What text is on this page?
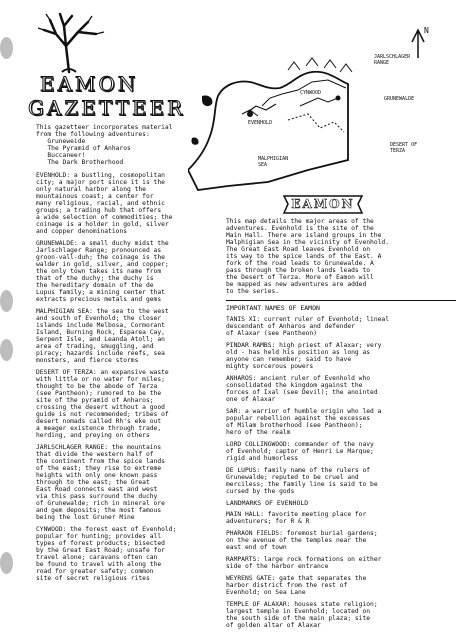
EAMON
GAZETTEER
N
JARLSCHLAGER
RANGE
CYNWOOD
GRUNEWALDE
EVENHOLD
DESERT OF
TERZA
MALPHIGIAN
SEA
EAMON
This gazetteer incorporates material
from the following adventures:
Gruneweide
The Pyramid of Anharos
Buccaneer!
The Dark Brotherhood

EVENHOLD: a bustling, cosmopolitan
city; a major port since it is the
only natural harbor along the
mountainous coast; a center for
many religious, racial, and ethnic
groups; a trading hub that offers
a wide selection of commodities; the
coinage is a holder in gold, silver
and copper denominations

GRUNEWALDE: a small duchy midst the
Jarlschlager Range; pronounced as
groon-vall-duh; the coinage is the
walder in gold, silver, and copper;
the only town takes its name from
that of the duchy; the duchy is
the hereditary domain of the de
Lupus family; a mining center that
extracts precious metals and gems

MALPHIGIAN SEA: the sea to the west
and south of Evenhold; the closer
islands include Melbosa, Cormorant
Island, Burning Rock, Esparea Cay,
Serpent Isle, and Leanda Atoll; an
area of trading, smuggling, and
piracy; hazards include reefs, sea
monsters, and fierce storms

DESERT OF TERZA: an expansive waste
with little or no water for miles;
thought to be the abode of Terza
(see Pantheon); rumored to be the
site of the pyramid of Anharos;
crossing the desert without a good
guide is not recommended; tribes of
desert nomads called Rh's eke out
a meager existence through trade,
herding, and preying on others

JARLSCHLAGER RANGE: the mountains
that divide the western half of
the continent from the spice lands
of the east; they rise to extreme
heights with only one known pass
through to the east; the Great
East Road connects east and west
via this pass surround the duchy
of Grunewalde; rich in mineral ore
and gem deposits; the most famous
being the lost Gruner Mine

CYNWOOD: the forest east of Evenhold;
popular for hunting; provides all
types of forest products; bisected
by the Great East Road; unsafe for
travel alone; caravans often can
be found to travel with along the
road for greater safety; common
site of secret religious rites

This map details the major areas of the
adventures. Evenhold is the site of the
Main Hall. There are island groups in the
Malphigian Sea in the vicinity of Evenhold.
The Great East Road leaves Evenhold on
its way to the spice lands of the East. A
fork of the road leads to Grunewalde. A
pass through the broken lands leads to
the Desert of Terza. More of Eamon will
be mapped as new adventures are added
to the series.

IMPORTANT NAMES OF EAMON

TANIS XI: current ruler of Evenhold; lineal
descendant of Anharos and defender
of Alaxar (see Pantheon)

PINDAR RAMBS: high priest of Alaxar; very
old - has held his position as long as
anyone can remember; said to have
mighty sorcerous powers

ANHAROS: ancient ruler of Evenhold who
consolidated the kingdom against the
forces of Ixal (see Devil); the anointed
one of Alaxar

SAR: a warrior of humble origin who led a
popular rebellion against the excesses
of Milam brotherhood (see Pantheon);
hero of the realm

LORD COLLINGWOOD: commander of the navy
of Evenhold; captor of Henri Le Marque;
rigid and humorless

DE LUPUS: family name of the rulers of
Grunewalde; reputed to be cruel and
merciless; the family line is said to be
cursed by the gods

LANDMARKS OF EVENHOLD

MAIN HALL: favorite meeting place for
adventurers; for R & R

PHARAON FIELDS: foremost burial gardens;
on the avenue of the temples near the
east end of town

RAMPARTS: large rock formations on either
side of the harbor entrance

WEYRENS GATE: gate that separates the
harbor district from the rest of
Evenhold; on Sea Lane

TEMPLE OF ALAXAR: houses state religion;
largest temple in Evenhold; located on
the south side of the main plaza; site
of golden altar of Alaxar
